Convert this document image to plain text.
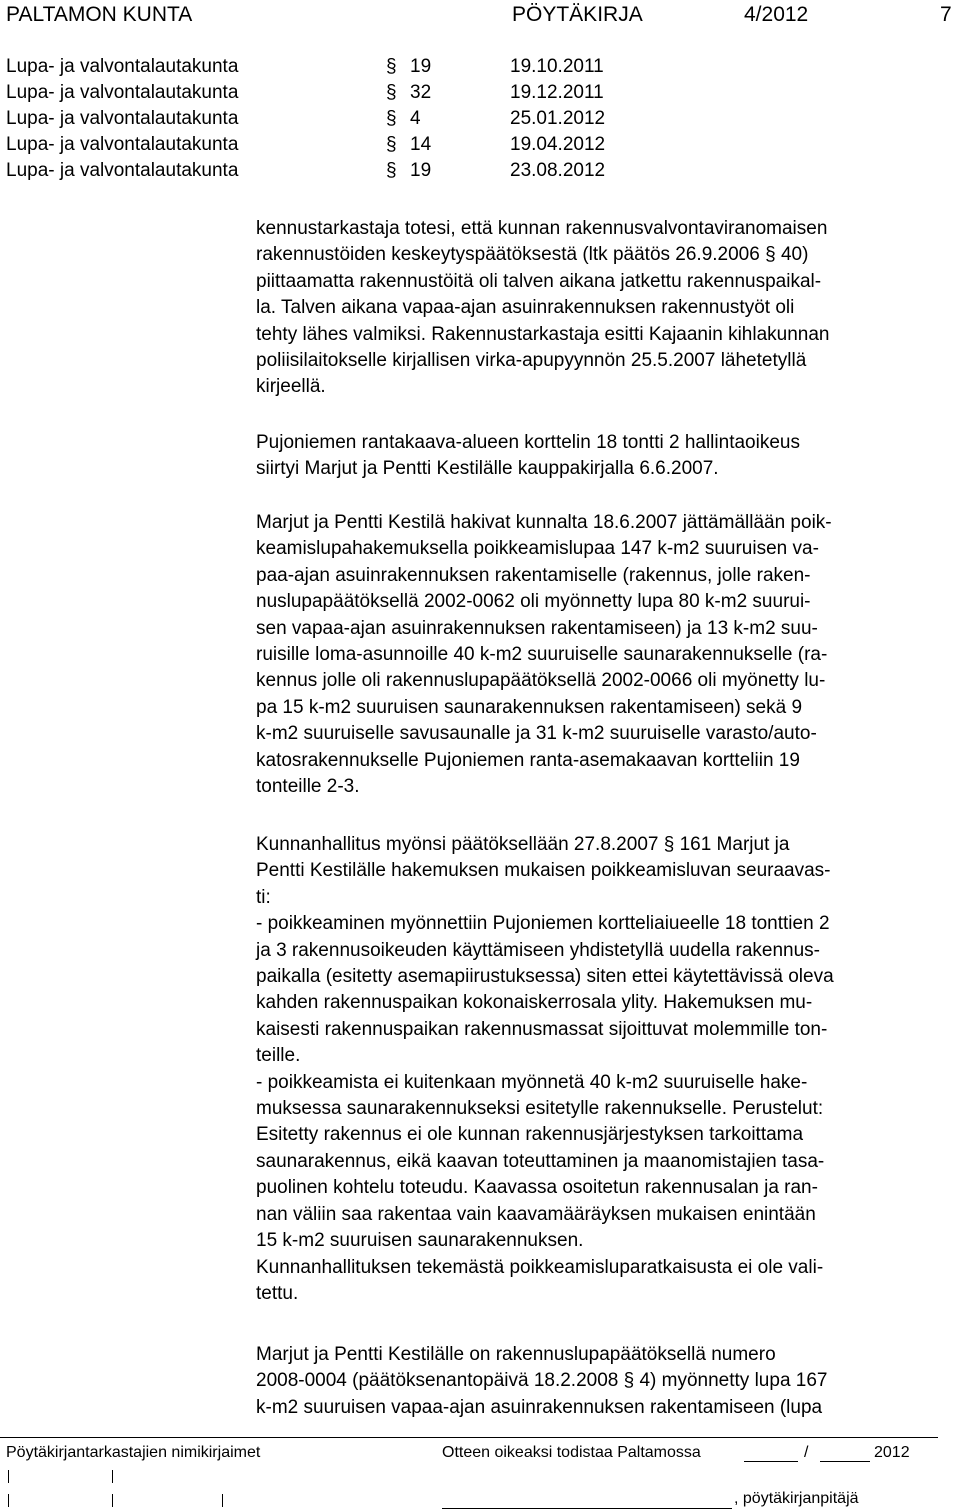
PALTAMON KUNTA	PÖYTÄKIRJA	4/2012	7
Lupa- ja valvontalautakunta	§ 19	19.10.2011
Lupa- ja valvontalautakunta	§ 32	19.12.2011
Lupa- ja valvontalautakunta	§ 4	25.01.2012
Lupa- ja valvontalautakunta	§ 14	19.04.2012
Lupa- ja valvontalautakunta	§ 19	23.08.2012
kennustarkastaja totesi, että kunnan rakennusvalvontaviranomaisen
rakennustöiden keskeytyspäätöksestä (ltk päätös 26.9.2006 § 40)
piittaamatta rakennustöitä oli talven aikana jatkettu rakennuspaikal-
la. Talven aikana vapaa-ajan asuinrakennuksen rakennustyöt oli
tehty lähes valmiksi. Rakennustarkastaja esitti Kajaanin kihlakunnan
poliisilaitokselle kirjallisen virka-apupyynnön 25.5.2007 lähetetyllä
kirjeellä.
Pujoniemen rantakaava-alueen korttelin 18 tontti 2 hallintaoikeus
siirtyi Marjut ja Pentti Kestilälle kauppakirjalla 6.6.2007.
Marjut ja Pentti Kestilä hakivat kunnalta 18.6.2007 jättämällään poik-
keamislupahakemuksella poikkeamislupaa 147 k-m2 suuruisen va-
paa-ajan asuinrakennuksen rakentamiselle (rakennus, jolle raken-
nuslupapäätöksellä 2002-0062 oli myönnetty lupa 80 k-m2 suurui-
sen vapaa-ajan asuinrakennuksen rakentamiseen) ja 13 k-m2 suu-
ruisille loma-asunnoille 40 k-m2 suuruiselle saunarakennukselle (ra-
kennus jolle oli rakennuslupapäätöksellä 2002-0066 oli myönetty lu-
pa 15 k-m2 suuruisen saunarakennuksen rakentamiseen) sekä 9
k-m2 suuruiselle savusaunalle ja 31 k-m2 suuruiselle varasto/auto-
katosrakennukselle Pujoniemen ranta-asemakaavan kortteliin 19
tonteille 2-3.
Kunnanhallitus myönsi päätöksellään 27.8.2007 § 161 Marjut ja
Pentti Kestilälle hakemuksen mukaisen poikkeamisluvan seuraavas-
ti:
- poikkeaminen myönnettiin Pujoniemen kortteliaiueelle 18 tonttien 2
ja 3 rakennusoikeuden käyttämiseen yhdistetyllä uudella rakennus-
paikalla (esitetty asemapiirustuksessa) siten ettei käytettävissä oleva
kahden rakennuspaikan kokonaiskerrosala ylity. Hakemuksen mu-
kaisesti rakennuspaikan rakennusmassat sijoittuvat molemmille ton-
teille.
- poikkeamista ei kuitenkaan myönnetä 40 k-m2 suuruiselle hake-
muksessa saunarakennukseksi esitetylle rakennukselle. Perustelut:
Esitetty rakennus ei ole kunnan rakennusjärjestyksen tarkoittama
saunarakennus, eikä kaavan toteuttaminen ja maanomistajien tasa-
puolinen kohtelu toteudu. Kaavassa osoitetun rakennusalan ja ran-
nan väliin saa rakentaa vain kaavamääräyksen mukaisen enintään
15 k-m2 suuruisen saunarakennuksen.
Kunnanhallituksen tekemästä poikkeamisluparatkaisusta ei ole vali-
tettu.
Marjut ja Pentti Kestilälle on rakennuslupapäätöksellä numero
2008-0004 (päätöksenantopäivä 18.2.2008 § 4) myönnetty lupa 167
k-m2 suuruisen vapaa-ajan asuinrakennuksen rakentamiseen (lupa
Pöytäkirjantarkastajien nimikirjaimet	Otteen oikeaksi todistaa Paltamossa	/	2012
, pöytäkirjanpitäjä
